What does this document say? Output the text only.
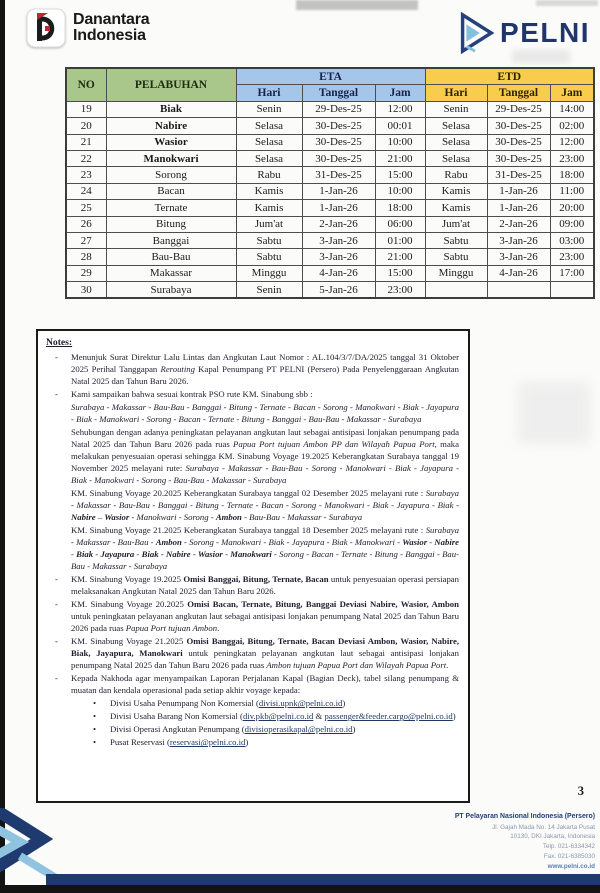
Danantara
Indonesia	PELNI
NO	PELABUHAN	ETA			ETD		
		Hari	Tanggal	Jam	Hari	Tanggal	Jam
19	Biak	Senin	29-Des-25	12:00	Senin	29-Des-25	14:00
20	Nabire	Selasa	30-Des-25	00:01	Selasa	30-Des-25	02:00
21	Wasior	Selasa	30-Des-25	10:00	Selasa	30-Des-25	12:00
22	Manokwari	Selasa	30-Des-25	21:00	Selasa	30-Des-25	23:00
23	Sorong	Rabu	31-Des-25	15:00	Rabu	31-Des-25	18:00
24	Bacan	Kamis	1-Jan-26	10:00	Kamis	1-Jan-26	11:00
25	Ternate	Kamis	1-Jan-26	18:00	Kamis	1-Jan-26	20:00
26	Bitung	Jum'at	2-Jan-26	06:00	Jum'at	2-Jan-26	09:00
27	Banggai	Sabtu	3-Jan-26	01:00	Sabtu	3-Jan-26	03:00
28	Bau-Bau	Sabtu	3-Jan-26	21:00	Sabtu	3-Jan-26	23:00
29	Makassar	Minggu	4-Jan-26	15:00	Minggu	4-Jan-26	17:00
30	Surabaya	Senin	5-Jan-26	23:00			
Notes:
- Menunjuk Surat Direktur Lalu Lintas dan Angkutan Laut Nomor : AL.104/3/7/DA/2025 tanggal 31 Oktober 2025 Perihal Tanggapan Rerouting Kapal Penumpang PT PELNI (Persero) Pada Penyelenggaraan Angkutan Natal 2025 dan Tahun Baru 2026.
- Kami sampaikan bahwa sesuai kontrak PSO rute KM. Sinabung sbb :
Surabaya - Makassar - Bau-Bau - Banggai - Bitung - Ternate - Bacan - Sorong - Manokwari - Biak - Jayapura - Biak - Manokwari - Sorong - Bacan - Ternate - Bitung - Banggai - Bau-Bau - Makassar - Surabaya
Sehubungan dengan adanya peningkatan pelayanan angkutan laut sebagai antisipasi lonjakan penumpang pada Natal 2025 dan Tahun Baru 2026 pada ruas Papua Port tujuan Ambon PP dan Wilayah Papua Port, maka melakukan penyesuaian operasi sehingga KM. Sinabung Voyage 19.2025 Keberangkatan Surabaya tanggal 19 November 2025 melayani rute: Surabaya - Makassar - Bau-Bau - Sorong - Manokwari - Biak - Jayapura - Biak - Manokwari - Sorong - Bau-Bau - Makassar - Surabaya
KM. Sinabung Voyage 20.2025 Keberangkatan Surabaya tanggal 02 Desember 2025 melayani rute : Surabaya - Makassar - Bau-Bau - Banggai - Bitung - Ternate - Bacan - Sorong - Manokwari - Biak - Jayapura - Biak - Nabire – Wasior - Manokwari - Sorong - Ambon - Bau-Bau - Makassar - Surabaya
KM. Sinabung Voyage 21.2025 Keberangkatan Surabaya tanggal 18 Desember 2025 melayani rute : Surabaya - Makassar - Bau-Bau - Ambon - Sorong - Manokwari - Biak - Jayapura - Biak - Manokwari - Wasior - Nabire - Biak - Jayapura - Biak - Nabire - Wasior - Manokwari - Sorong - Bacan - Ternate - Bitung - Banggai - Bau-Bau - Makassar - Surabaya
- KM. Sinabung Voyage 19.2025 Omisi Banggai, Bitung, Ternate, Bacan untuk penyesuaian operasi persiapan melaksanakan Angkutan Natal 2025 dan Tahun Baru 2026.
- KM. Sinabung Voyage 20.2025 Omisi Bacan, Ternate, Bitung, Banggai Deviasi Nabire, Wasior, Ambon untuk peningkatan pelayanan angkutan laut sebagai antisipasi lonjakan penumpang Natal 2025 dan Tahun Baru 2026 pada ruas Papua Port tujuan Ambon.
- KM. Sinabung Voyage 21.2025 Omisi Banggai, Bitung, Ternate, Bacan Deviasi Ambon, Wasior, Nabire, Biak, Jayapura, Manokwari untuk peningkatan pelayanan angkutan laut sebagai antisipasi lonjakan penumpang Natal 2025 dan Tahun Baru 2026 pada ruas Ambon tujuan Papua Port dan Wilayah Papua Port.
- Kepada Nakhoda agar menyampaikan Laporan Perjalanan Kapal (Bagian Deck), tabel silang penumpang & muatan dan kendala operasional pada setiap akhir voyage kepada:
• Divisi Usaha Penumpang Non Komersial (divisi.upnk@pelni.co.id)
• Divisi Usaha Barang Non Komersial (div.pkb@pelni.co.id & passenger&feeder.cargo@pelni.co.id)
• Divisi Operasi Angkutan Penumpang (divisioperasikapal@pelni.co.id)
• Pusat Reservasi (reservasi@pelni.co.id)
3
PT Pelayaran Nasional Indonesia (Persero)
Jl. Gajah Mada No. 14 Jakarta Pusat
10130, DKI Jakarta, Indonesia
Telp. 021-6334342
Fax. 021-6385030
www.pelni.co.id
